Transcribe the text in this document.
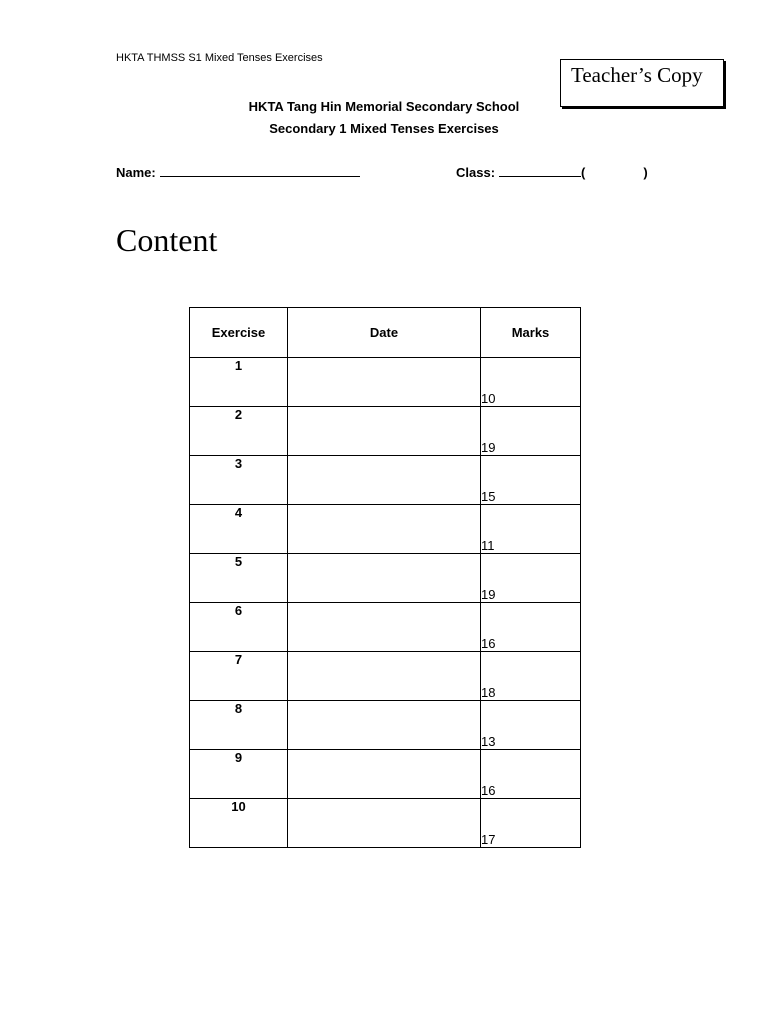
HKTA THMSS S1 Mixed Tenses Exercises
Teacher’s Copy
HKTA Tang Hin Memorial Secondary School
Secondary 1 Mixed Tenses Exercises
Name:	Class:	(	)
Content
Exercise	Date	Marks
1		10
2		19
3		15
4		11
5		19
6		16
7		18
8		13
9		16
10		17
